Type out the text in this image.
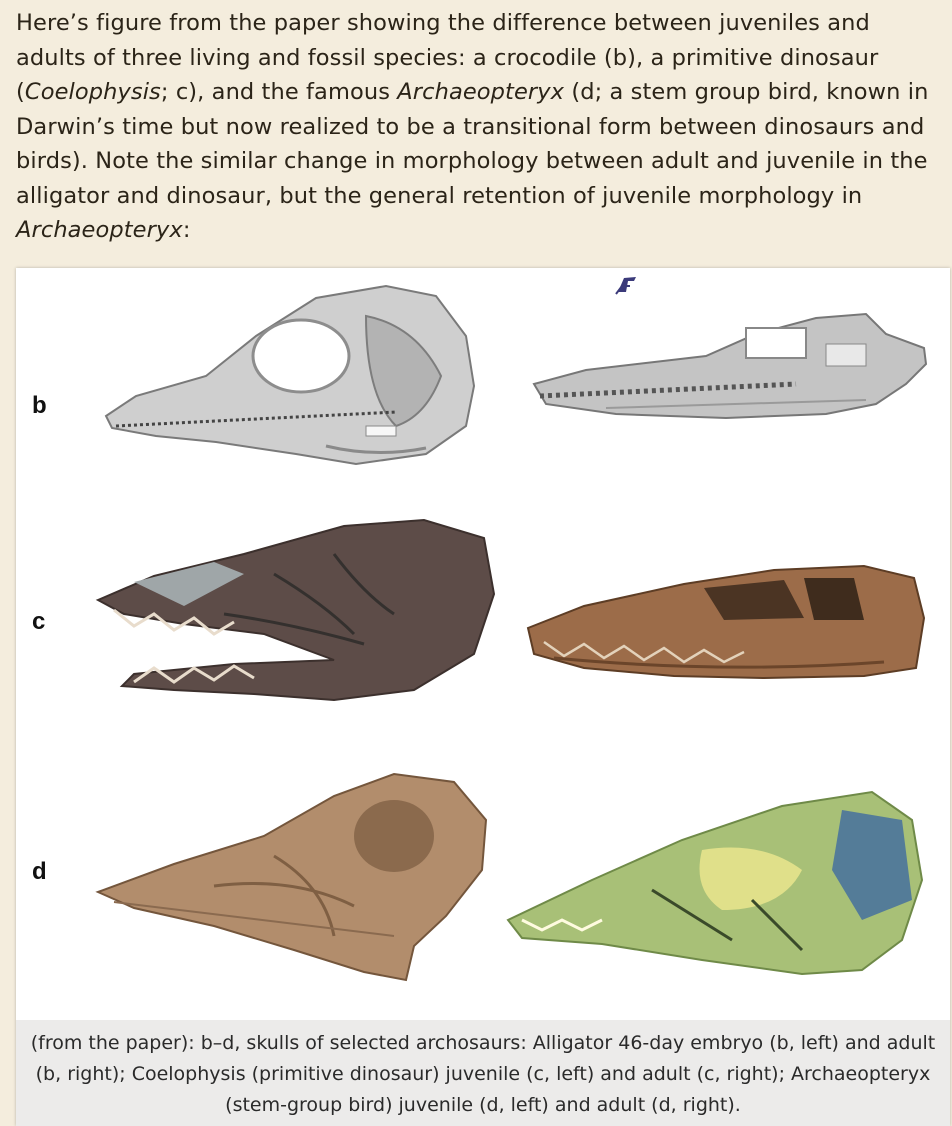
Here’s figure from the paper showing the difference between juveniles and adults of three living and fossil species: a crocodile (b), a primitive dinosaur (Coelophysis; c), and the famous Archaeopteryx (d; a stem group bird, known in Darwin’s time but now realized to be a transitional form between dinosaurs and birds). Note the similar change in morphology between adult and juvenile in the alligator and dinosaur, but the general retention of juvenile morphology in Archaeopteryx:
b
c
d
(from the paper): b–d, skulls of selected archosaurs: Alligator 46-day embryo (b, left) and adult (b, right); Coelophysis (primitive dinosaur) juvenile (c, left) and adult (c, right); Archaeopteryx (stem-group bird) juvenile (d, left) and adult (d, right).
